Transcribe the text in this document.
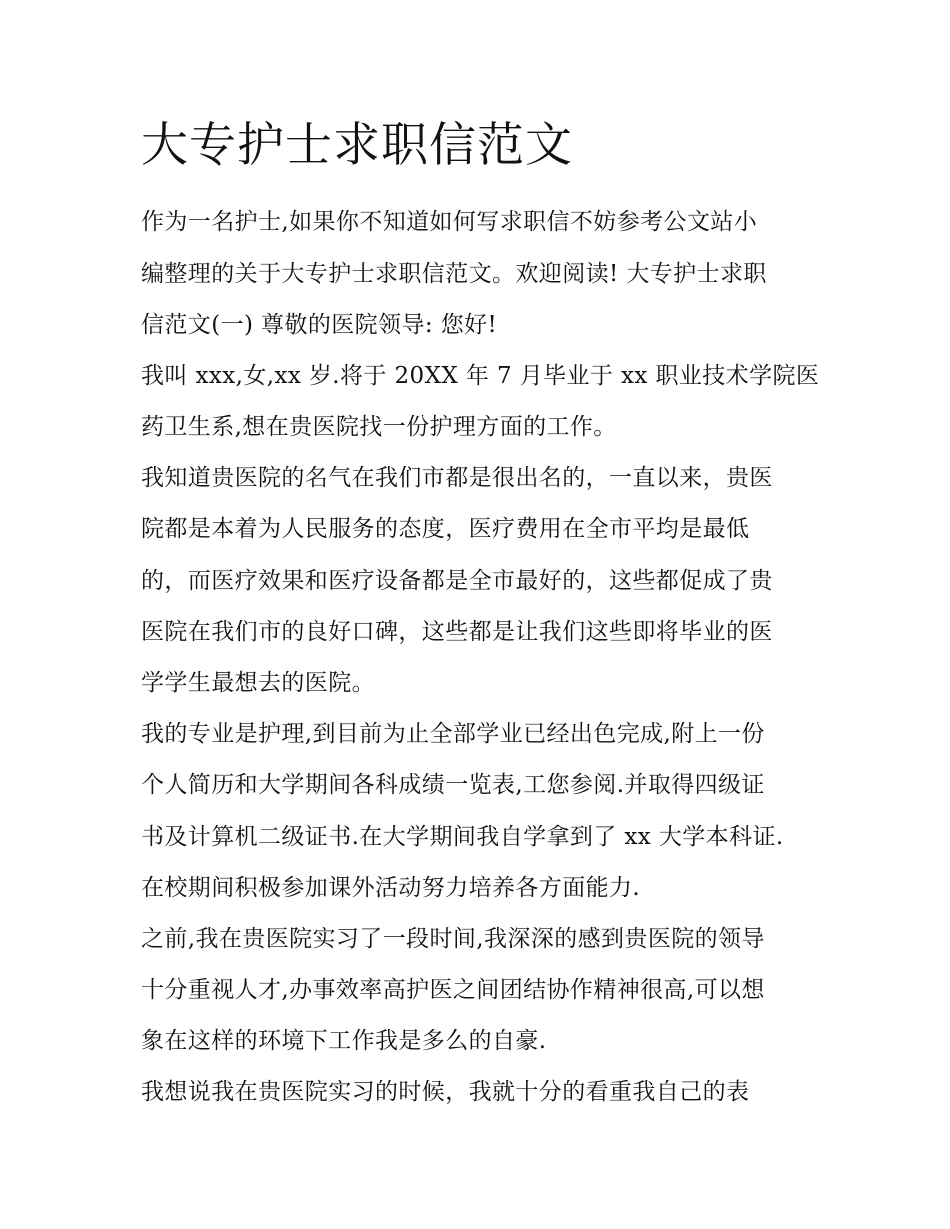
大专护士求职信范文

作为一名护士,如果你不知道如何写求职信不妨参考公文站小

编整理的关于大专护士求职信范文。欢迎阅读! 大专护士求职

信范文(一) 尊敬的医院领导: 您好!

我叫 xxx,女,xx 岁.将于 20XX 年 7 月毕业于 xx 职业技术学院医

药卫生系,想在贵医院找一份护理方面的工作。

我知道贵医院的名气在我们市都是很出名的，一直以来，贵医

院都是本着为人民服务的态度，医疗费用在全市平均是最低

的，而医疗效果和医疗设备都是全市最好的，这些都促成了贵

医院在我们市的良好口碑，这些都是让我们这些即将毕业的医

学学生最想去的医院。

我的专业是护理,到目前为止全部学业已经出色完成,附上一份

个人简历和大学期间各科成绩一览表,工您参阅.并取得四级证

书及计算机二级证书.在大学期间我自学拿到了 xx 大学本科证.

在校期间积极参加课外活动努力培养各方面能力.

之前,我在贵医院实习了一段时间,我深深的感到贵医院的领导

十分重视人才,办事效率高护医之间团结协作精神很高,可以想

象在这样的环境下工作我是多么的自豪.

我想说我在贵医院实习的时候，我就十分的看重我自己的表
